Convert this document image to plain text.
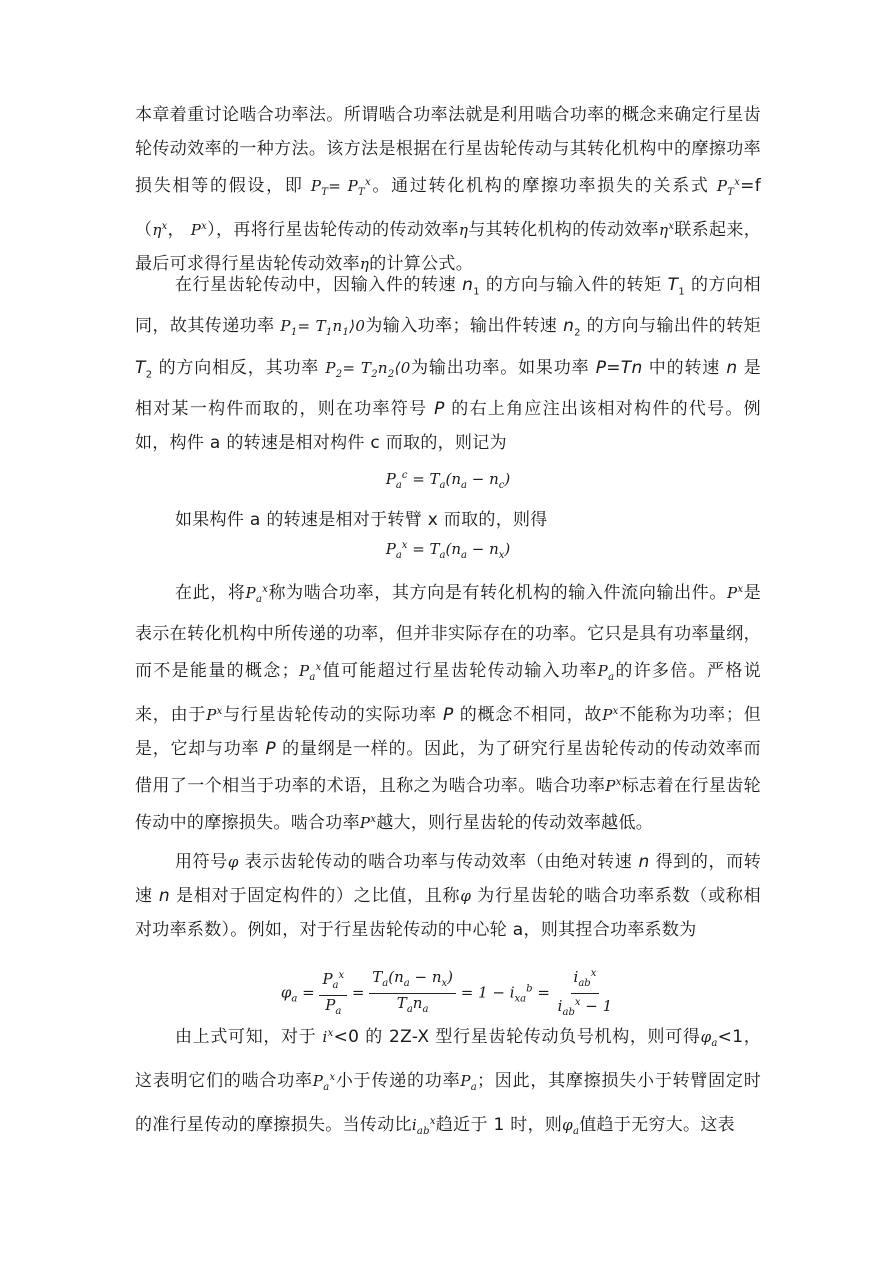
本章着重讨论啮合功率法。所谓啮合功率法就是利用啮合功率的概念来确定行星齿轮传动效率的一种方法。该方法是根据在行星齿轮传动与其转化机构中的摩擦功率损失相等的假设，即 $P_T= P_T^x$。通过转化机构的摩擦功率损失的关系式 $P_T^x=f(\eta^x$， $P^x$），再将行星齿轮传动的传动效率η与其转化机构的传动效率$\eta^x$联系起来，最后可求得行星齿轮传动效率η的计算公式。

在行星齿轮传动中，因输入件的转速 $n_1$ 的方向与输入件的转矩 $T_1$ 的方向相同，故其传递功率 $P_1=$ $T_1n_1⟩0$为输入功率；输出件转速 $n_2$ 的方向与输出件的转矩 $T_2$ 的方向相反，其功率 $P_2=$ $T_2n_2⟨0$为输出功率。如果功率 P=Tn 中的转速 n 是相对某一构件而取的，则在功率符号 P 的右上角应注出该相对构件的代号。例如，构件 a 的转速是相对构件 c 而取的，则记为

$P_a^c = T_a(n_a - n_c)$

如果构件 a 的转速是相对于转臂 x 而取的，则得

$P_a^x = T_a(n_a - n_x)$

在此，将$P_a^x$称为啮合功率，其方向是有转化机构的输入件流向输出件。$P^x$是表示在转化机构中所传递的功率，但并非实际存在的功率。它只是具有功率量纲，而不是能量的概念；$P_a^x$值可能超过行星齿轮传动输入功率$P_a$的许多倍。严格说来，由于$P^x$与行星齿轮传动的实际功率 P 的概念不相同，故$P^x$不能称为功率；但是，它却与功率 P 的量纲是一样的。因此，为了研究行星齿轮传动的传动效率而借用了一个相当于功率的术语，且称之为啮合功率。啮合功率$P^x$标志着在行星齿轮传动中的摩擦损失。啮合功率$P^x$越大，则行星齿轮的传动效率越低。

用符号φ 表示齿轮传动的啮合功率与传动效率（由绝对转速 n 得到的，而转速 n 是相对于固定构件的）之比值，且称φ 为行星齿轮的啮合功率系数（或称相对功率系数）。例如，对于行星齿轮传动的中心轮 a，则其捏合功率系数为

$\varphi_a = \frac{P_a^x}{P_a} = \frac{T_a(n_a - n_x)}{T_an_a} = 1 - i_{xa}^b = \frac{i_{ab}^x}{i_{ab}^x - 1}$

由上式可知，对于 $i^x<0$ 的 2Z-X 型行星齿轮传动负号机构，则可得$\varphi_a<1$，这表明它们的啮合功率$P_a^x$小于传递的功率$P_a$；因此，其摩擦损失小于转臂固定时的准行星传动的摩擦损失。当传动比$i_{ab}^x$趋近于 1 时，则$\varphi_a$值趋于无穷大。这表
